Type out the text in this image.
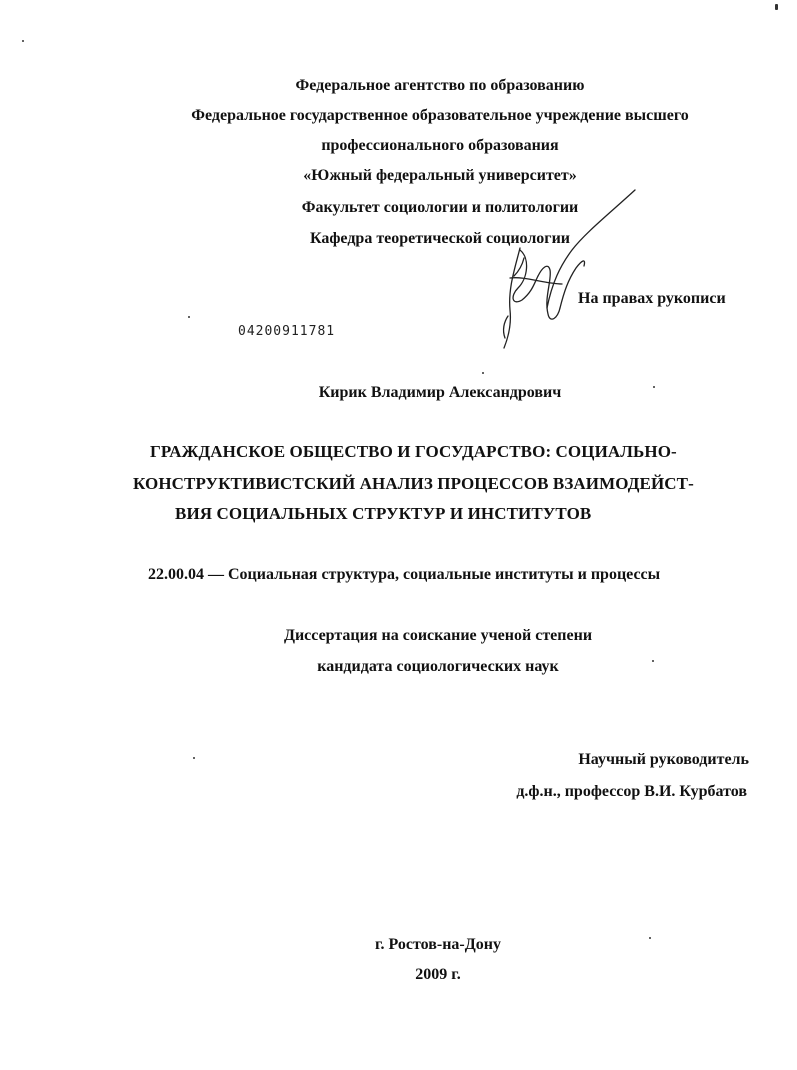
Федеральное агентство по образованию
Федеральное государственное образовательное учреждение высшего
профессионального образования
«Южный федеральный университет»
Факультет социологии и политологии
Кафедра теоретической социологии
На правах рукописи
04200911781
Кирик Владимир Александрович
ГРАЖДАНСКОЕ ОБЩЕСТВО И ГОСУДАРСТВО: СОЦИАЛЬНО-
КОНСТРУКТИВИСТСКИЙ АНАЛИЗ ПРОЦЕССОВ ВЗАИМОДЕЙСТ-
ВИЯ СОЦИАЛЬНЫХ СТРУКТУР И ИНСТИТУТОВ
22.00.04 — Социальная структура, социальные институты и процессы
Диссертация на соискание ученой степени
кандидата социологических наук
Научный руководитель
д.ф.н., профессор В.И. Курбатов
г. Ростов-на-Дону
2009 г.
